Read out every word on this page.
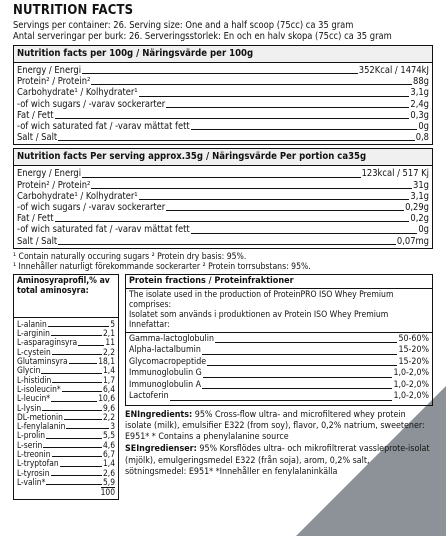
NUTRITION FACTS
Servings per container: 26. Serving size: One and a half scoop (75cc) ca 35 gram
Antal serveringar per burk: 26. Serveringsstorlek: En och en halv skopa (75cc) ca 35 gram
Nutrition facts per 100g / Näringsvärde per 100g
Energy / Energi	352Kcal / 1474kJ
Protein² / Protein²	88g
Carbohydrate¹ / Kolhydrater¹	3,1g
-of wich sugars / -varav sockerarter	2,4g
Fat / Fett	0,3g
-of wich saturated fat / -varav mättat fett	0g
Salt / Salt	0,8
Nutrition facts Per serving approx.35g / Näringsvärde Per portion ca35g
Energy / Energi	123kcal / 517 Kj
Protein² / Protein²	31g
Carbohydrate¹ / Kolhydrater¹	3,1g
-of wich sugars / -varav sockerarter	0,29g
Fat / Fett	0,2g
-of wich saturated fat / -varav mättat fett	0g
Salt / Salt	0,07mg
¹ Contain naturally occuring sugars ² Protein dry basis: 95%.
¹ Innehåller naturligt förekommande sockerarter ² Protein torrsubstans: 95%.
Aminosyraprofil,% av total aminosyra:
L-alanin	5
L-arginin	2,1
L-asparaginsyra	11
L-cystein	2,2
Glutaminsyra	18,1
Glycin	1,4
L-histidin	1,7
L-isoleucin*	6,4
L-leucin*	10,6
L-lysin	9,6
DL-metionin	2,2
L-fenylalanin	3
L-prolin	5,5
L-serin	4,6
L-treonin	6,7
L-tryptofan	1,4
L-tyrosin	2,6
L-valin*	5,9
100
Protein fractions / Proteinfraktioner
The isolate used in the production of ProteinPRO ISO Whey Premium comprises:
Isolatet som används i produktionen av Protein ISO Whey Premium Innefattar:
Gamma-lactoglobulin	50-60%
Alpha-lactalbumin	15-20%
Glycomacropeptide	15-20%
Immunoglobulin G	1,0-2,0%
Immunoglobulin A	1,0-2,0%
Lactoferin	1,0-2,0%
ENIngredients: 95% Cross-flow ultra- and microfiltered whey protein isolate (milk), emulsifier E322 (from soy), flavor, 0,2% natrium, sweetener: E951* * Contains a phenylalanine source
SEIngredienser: 95% Korsflödes ultra- och mikrofiltrerat vassleprote-isolat (mjölk), emulgeringsmedel E322 (från soja), arom, 0,2% salt, sötningsmedel: E951* *Innehåller en fenylalaninkälla
